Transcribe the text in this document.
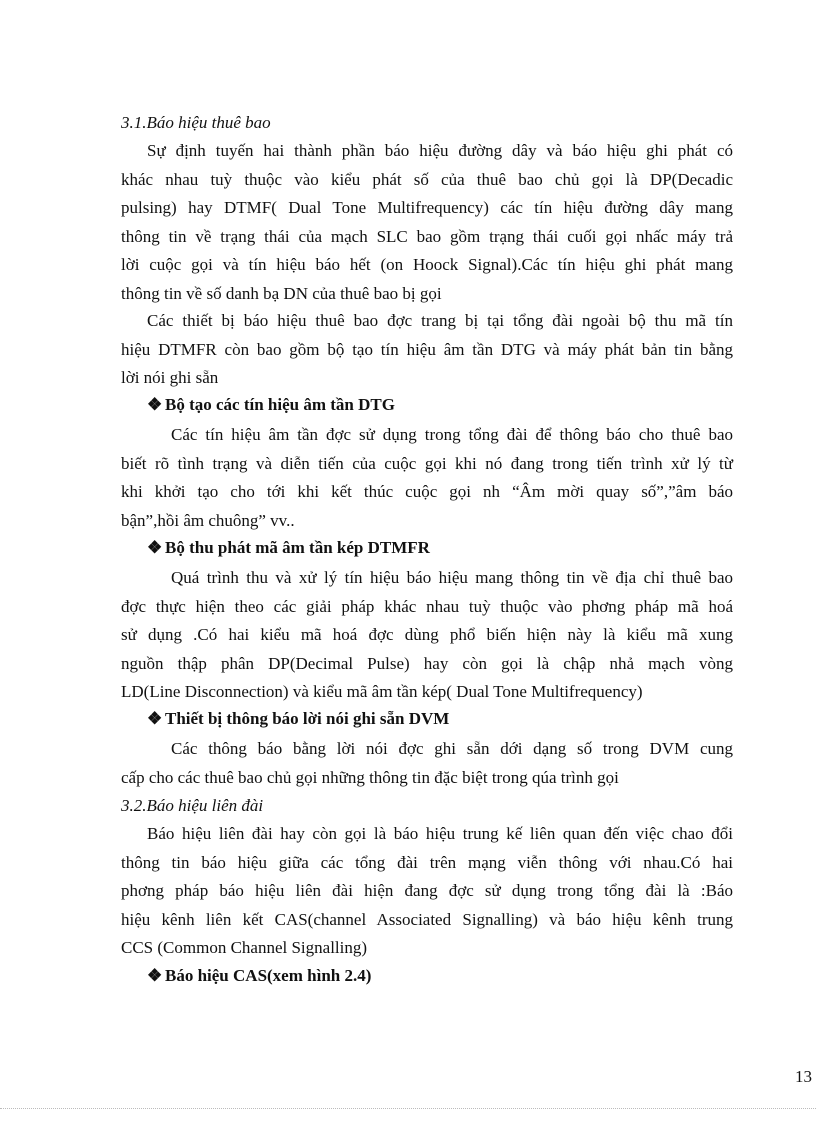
3.1.Báo hiệu thuê bao
Sự định tuyến hai thành phần báo hiệu đường dây và báo hiệu ghi phát có
khác nhau tuỳ thuộc vào kiểu phát số của thuê bao chủ gọi là DP(Decadic
pulsing) hay DTMF( Dual Tone Multifrequency) các tín hiệu đường dây mang
thông tin về trạng thái của mạch SLC bao gồm trạng thái cuối gọi nhấc máy trả
lời cuộc gọi và tín hiệu báo hết (on Hoock Signal).Các tín hiệu ghi phát mang
thông tin về số danh bạ DN của thuê bao bị gọi
Các thiết bị báo hiệu thuê bao đợc trang bị tại tổng đài ngoài bộ thu mã tín
hiệu DTMFR còn bao gồm bộ tạo tín hiệu âm tần DTG và máy phát bản tin bằng
lời nói ghi sẵn
❖ Bộ tạo các tín hiệu âm tần DTG
Các tín hiệu âm tần đợc sử dụng trong tổng đài để thông báo cho thuê bao
biết rõ tình trạng và diễn tiến của cuộc gọi khi nó đang trong tiến trình xử lý từ
khi khởi tạo cho tới khi kết thúc cuộc gọi nh “Âm mời quay số”,”âm báo
bận”,hồi âm chuông” vv..
❖ Bộ thu phát mã âm tần kép DTMFR
Quá trình thu và xử lý tín hiệu báo hiệu mang thông tin về địa chỉ thuê bao
đợc thực hiện theo các giải pháp khác nhau tuỳ thuộc vào phơng pháp mã hoá
sử dụng .Có hai kiểu mã hoá đợc dùng phổ biến hiện này là kiểu mã xung
nguồn thập phân DP(Decimal Pulse) hay còn gọi là chập nhả mạch vòng
LD(Line Disconnection) và kiểu mã âm tần kép( Dual Tone Multifrequency)
❖ Thiết bị thông báo lời nói ghi sẵn DVM
Các thông báo bằng lời nói đợc ghi sẵn dới dạng số trong DVM cung
cấp cho các thuê bao chủ gọi những thông tin đặc biệt trong qúa trình gọi
3.2.Báo hiệu liên đài
Báo hiệu liên đài hay còn gọi là báo hiệu trung kế liên quan đến việc chao đổi
thông tin báo hiệu giữa các tổng đài trên mạng viễn thông với nhau.Có hai
phơng pháp báo hiệu liên đài hiện đang đợc sử dụng trong tổng đài là :Báo
hiệu kênh liên kết CAS(channel Associated Signalling) và báo hiệu kênh trung
CCS (Common Channel Signalling)
❖ Báo hiệu CAS(xem hình 2.4)
13
